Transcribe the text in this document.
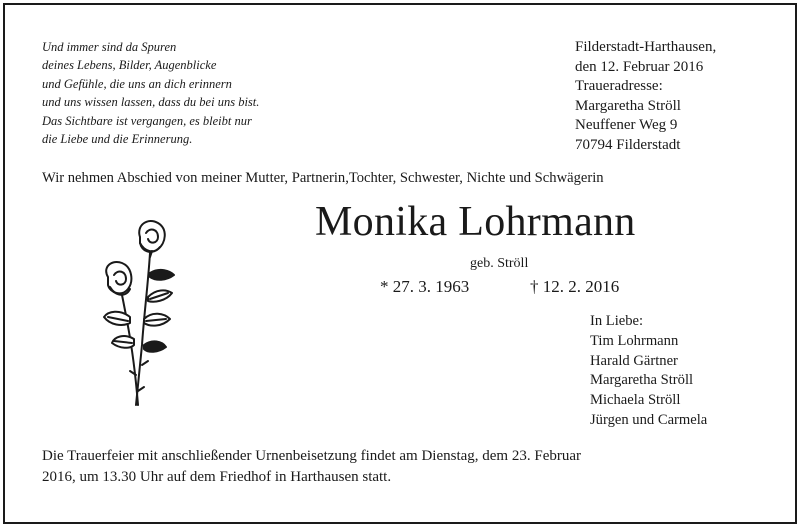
Und immer sind da Spuren
deines Lebens, Bilder, Augenblicke
und Gefühle, die uns an dich erinnern
und uns wissen lassen, dass du bei uns bist.
Das Sichtbare ist vergangen, es bleibt nur
die Liebe und die Erinnerung.
Filderstadt-Harthausen,
den 12. Februar 2016
Traueradresse:
Margaretha Ströll
Neuffener Weg 9
70794 Filderstadt
Wir nehmen Abschied von meiner Mutter, Partnerin,Tochter, Schwester, Nichte und Schwägerin
Monika Lohrmann
geb. Ströll
* 27. 3. 1963	† 12. 2. 2016
In Liebe:
Tim Lohrmann
Harald Gärtner
Margaretha Ströll
Michaela Ströll
Jürgen und Carmela
Die Trauerfeier mit anschließender Urnenbeisetzung findet am Dienstag, dem 23. Februar
2016, um 13.30 Uhr auf dem Friedhof in Harthausen statt.
